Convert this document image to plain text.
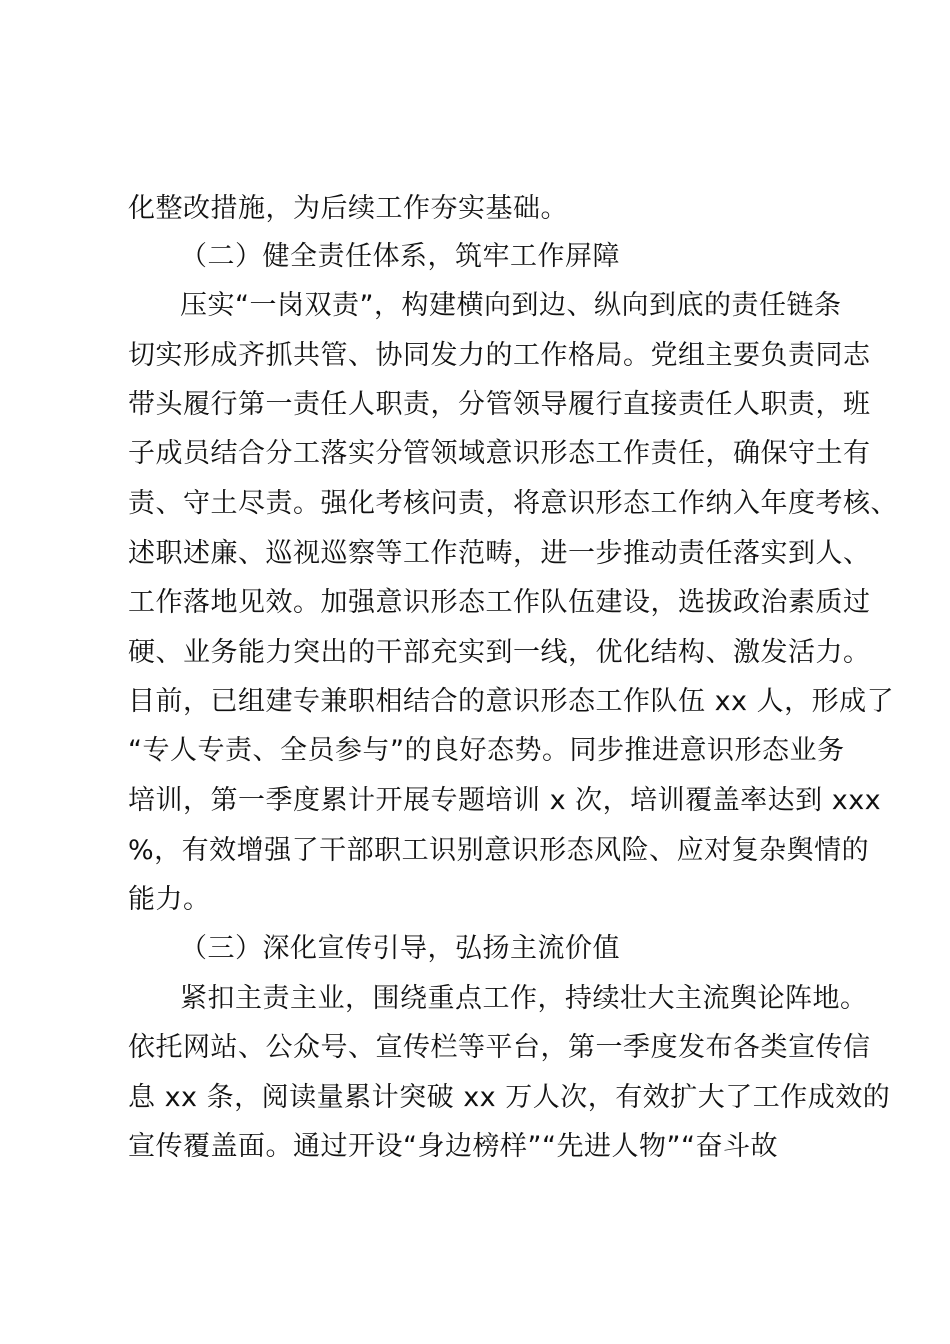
化整改措施，为后续工作夯实基础。
（二）健全责任体系，筑牢工作屏障
压实“一岗双责”，构建横向到边、纵向到底的责任链条
切实形成齐抓共管、协同发力的工作格局。党组主要负责同志
带头履行第一责任人职责，分管领导履行直接责任人职责，班
子成员结合分工落实分管领域意识形态工作责任，确保守土有
责、守土尽责。强化考核问责，将意识形态工作纳入年度考核、
述职述廉、巡视巡察等工作范畴，进一步推动责任落实到人、
工作落地见效。加强意识形态工作队伍建设，选拔政治素质过
硬、业务能力突出的干部充实到一线，优化结构、激发活力。
目前，已组建专兼职相结合的意识形态工作队伍 xx 人，形成了
“专人专责、全员参与”的良好态势。同步推进意识形态业务
培训，第一季度累计开展专题培训 x 次，培训覆盖率达到 xxx
%，有效增强了干部职工识别意识形态风险、应对复杂舆情的
能力。
（三）深化宣传引导，弘扬主流价值
紧扣主责主业，围绕重点工作，持续壮大主流舆论阵地。
依托网站、公众号、宣传栏等平台，第一季度发布各类宣传信
息 xx 条，阅读量累计突破 xx 万人次，有效扩大了工作成效的
宣传覆盖面。通过开设“身边榜样”“先进人物”“奋斗故
